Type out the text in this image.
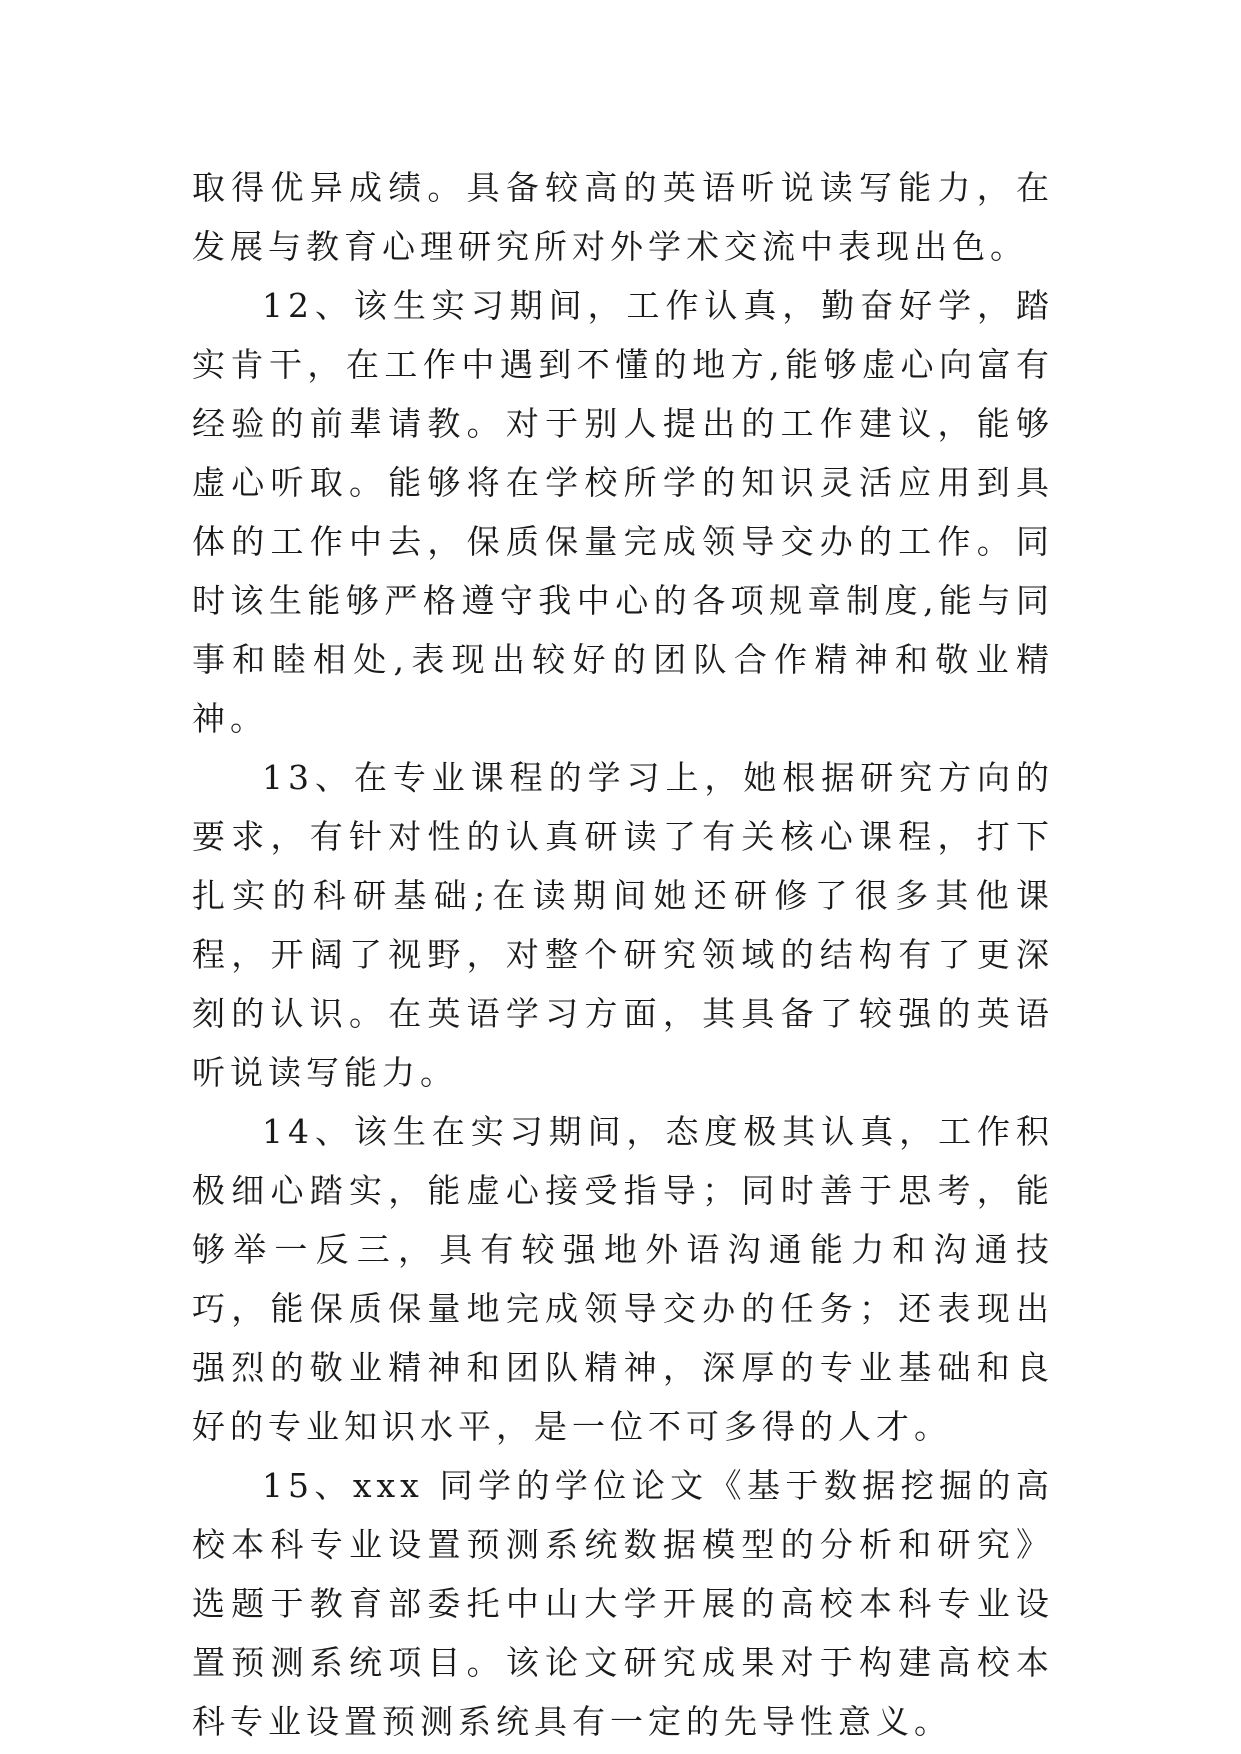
取得优异成绩。具备较高的英语听说读写能力，在发展与教育心理研究所对外学术交流中表现出色。

12、该生实习期间，工作认真，勤奋好学，踏实肯干，在工作中遇到不懂的地方,能够虚心向富有经验的前辈请教。对于别人提出的工作建议，能够虚心听取。能够将在学校所学的知识灵活应用到具体的工作中去，保质保量完成领导交办的工作。同时该生能够严格遵守我中心的各项规章制度,能与同事和睦相处,表现出较好的团队合作精神和敬业精神。

13、在专业课程的学习上，她根据研究方向的要求，有针对性的认真研读了有关核心课程，打下扎实的科研基础;在读期间她还研修了很多其他课程，开阔了视野，对整个研究领域的结构有了更深刻的认识。在英语学习方面，其具备了较强的英语听说读写能力。

14、该生在实习期间，态度极其认真，工作积极细心踏实，能虚心接受指导；同时善于思考，能够举一反三，具有较强地外语沟通能力和沟通技巧，能保质保量地完成领导交办的任务；还表现出强烈的敬业精神和团队精神，深厚的专业基础和良好的专业知识水平，是一位不可多得的人才。

15、xxx 同学的学位论文《基于数据挖掘的高校本科专业设置预测系统数据模型的分析和研究》选题于教育部委托中山大学开展的高校本科专业设置预测系统项目。该论文研究成果对于构建高校本科专业设置预测系统具有一定的先导性意义。
